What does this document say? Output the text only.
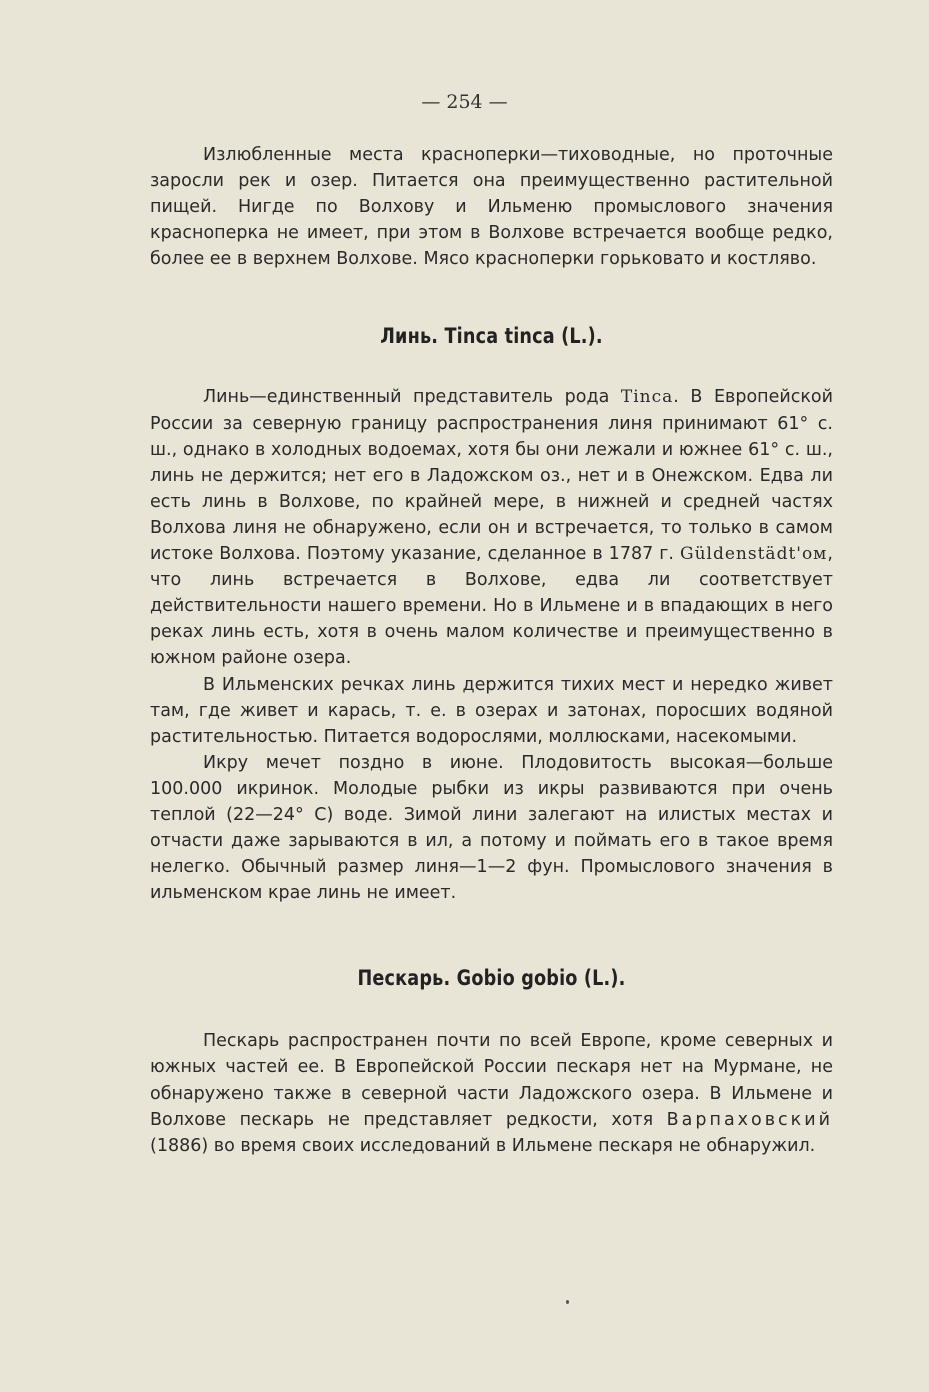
— 254 —

Излюбленные места красноперки—тиховодные, но проточные заросли рек и озер. Питается она преимущественно растительной пищей. Нигде по Волхову и Ильменю промыслового значения красноперка не имеет, при этом в Волхове встречается вообще редко, более ее в верхнем Волхове. Мясо красноперки горьковато и костляво.

Линь. Tinca tinca (L.).

Линь—единственный представитель рода Tinca. В Европейской России за северную границу распространения линя принимают 61° с. ш., однако в холодных водоемах, хотя бы они лежали и южнее 61° с. ш., линь не держится; нет его в Ладожском оз., нет и в Онежском. Едва ли есть линь в Волхове, по крайней мере, в нижней и средней частях Волхова линя не обнаружено, если он и встречается, то только в самом истоке Волхова. Поэтому указание, сделанное в 1787 г. Güldenstädt'ом, что линь встречается в Волхове, едва ли соответствует действительности нашего времени. Но в Ильмене и в впадающих в него реках линь есть, хотя в очень малом количестве и преимущественно в южном районе озера.

В Ильменских речках линь держится тихих мест и нередко живет там, где живет и карась, т. е. в озерах и затонах, поросших водяной растительностью. Питается водорослями, моллюсками, насекомыми.

Икру мечет поздно в июне. Плодовитость высокая—больше 100.000 икринок. Молодые рыбки из икры развиваются при очень теплой (22—24° С) воде. Зимой лини залегают на илистых местах и отчасти даже зарываются в ил, а потому и поймать его в такое время нелегко. Обычный размер линя—1—2 фун. Промыслового значения в ильменском крае линь не имеет.

Пескарь. Gobio gobio (L.).

Пескарь распространен почти по всей Европе, кроме северных и южных частей ее. В Европейской России пескаря нет на Мурмане, не обнаружено также в северной части Ладожского озера. В Ильмене и Волхове пескарь не представляет редкости, хотя Варпаховский (1886) во время своих исследований в Ильмене пескаря не обнаружил.
